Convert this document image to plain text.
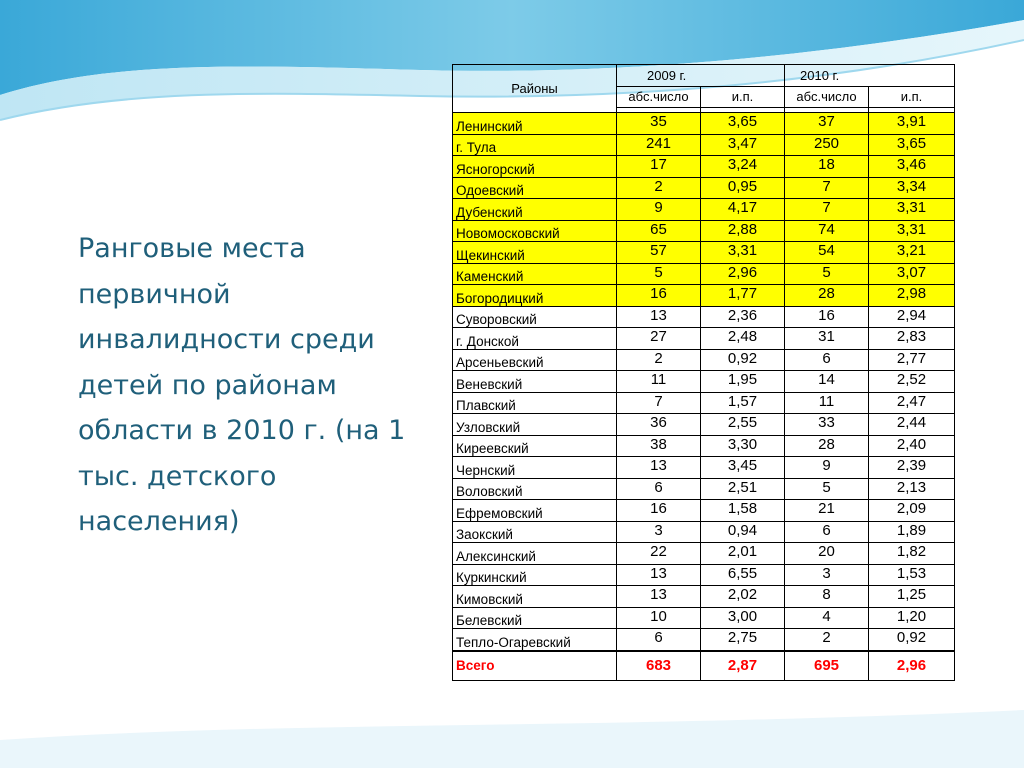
Ранговые места первичной инвалидности среди детей по районам области в 2010 г. (на 1 тыс. детского населения)
Районы	2009 г.		2010 г.	
	абс.число	и.п.	абс.число	и.п.

Ленинский	35	3,65	37	3,91
г. Тула	241	3,47	250	3,65
Ясногорский	17	3,24	18	3,46
Одоевский	2	0,95	7	3,34
Дубенский	9	4,17	7	3,31
Новомосковский	65	2,88	74	3,31
Щекинский	57	3,31	54	3,21
Каменский	5	2,96	5	3,07
Богородицкий	16	1,77	28	2,98
Суворовский	13	2,36	16	2,94
г. Донской	27	2,48	31	2,83
Арсеньевский	2	0,92	6	2,77
Веневский	11	1,95	14	2,52
Плавский	7	1,57	11	2,47
Узловский	36	2,55	33	2,44
Киреевский	38	3,30	28	2,40
Чернский	13	3,45	9	2,39
Воловский	6	2,51	5	2,13
Ефремовский	16	1,58	21	2,09
Заокский	3	0,94	6	1,89
Алексинский	22	2,01	20	1,82
Куркинский	13	6,55	3	1,53
Кимовский	13	2,02	8	1,25
Белевский	10	3,00	4	1,20
Тепло-Огаревский	6	2,75	2	0,92
Всего	683	2,87	695	2,96
